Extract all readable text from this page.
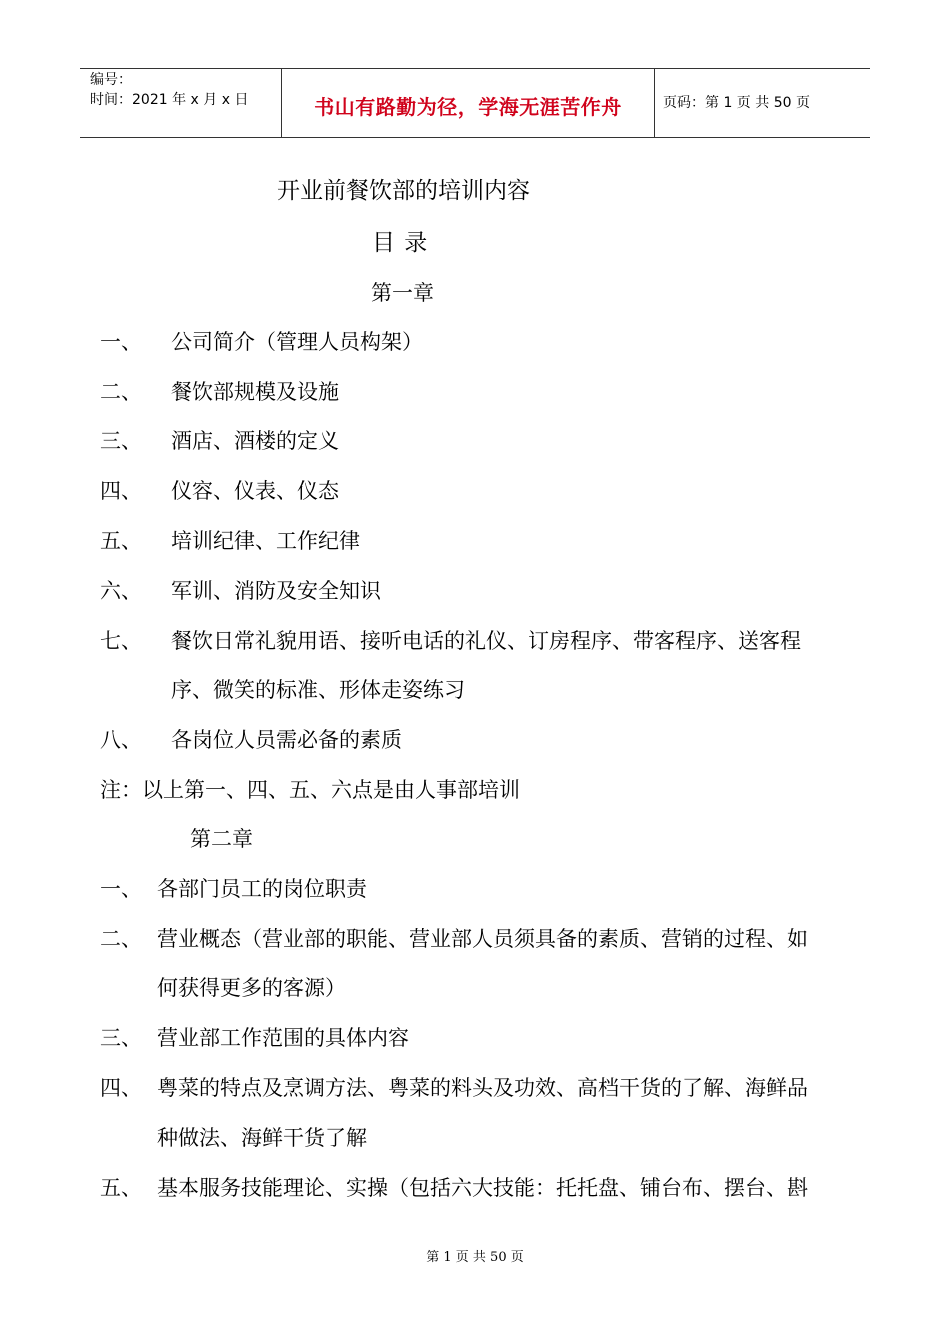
编号：
时间：2021 年 x 月 x 日	书山有路勤为径，学海无涯苦作舟	页码：第 1 页 共 50 页
开业前餐饮部的培训内容
目 录
第一章
一、 公司简介（管理人员构架）
二、 餐饮部规模及设施
三、 酒店、酒楼的定义
四、 仪容、仪表、仪态
五、 培训纪律、工作纪律
六、 军训、消防及安全知识
七、 餐饮日常礼貌用语、接听电话的礼仪、订房程序、带客程序、送客程
序、微笑的标准、形体走姿练习
八、 各岗位人员需必备的素质
注：以上第一、四、五、六点是由人事部培训
第二章
一、 各部门员工的岗位职责
二、 营业概态（营业部的职能、营业部人员须具备的素质、营销的过程、如
何获得更多的客源）
三、 营业部工作范围的具体内容
四、 粤菜的特点及烹调方法、粤菜的料头及功效、高档干货的了解、海鲜品
种做法、海鲜干货了解
五、 基本服务技能理论、实操（包括六大技能：托托盘、铺台布、摆台、斟
第 1 页 共 50 页
